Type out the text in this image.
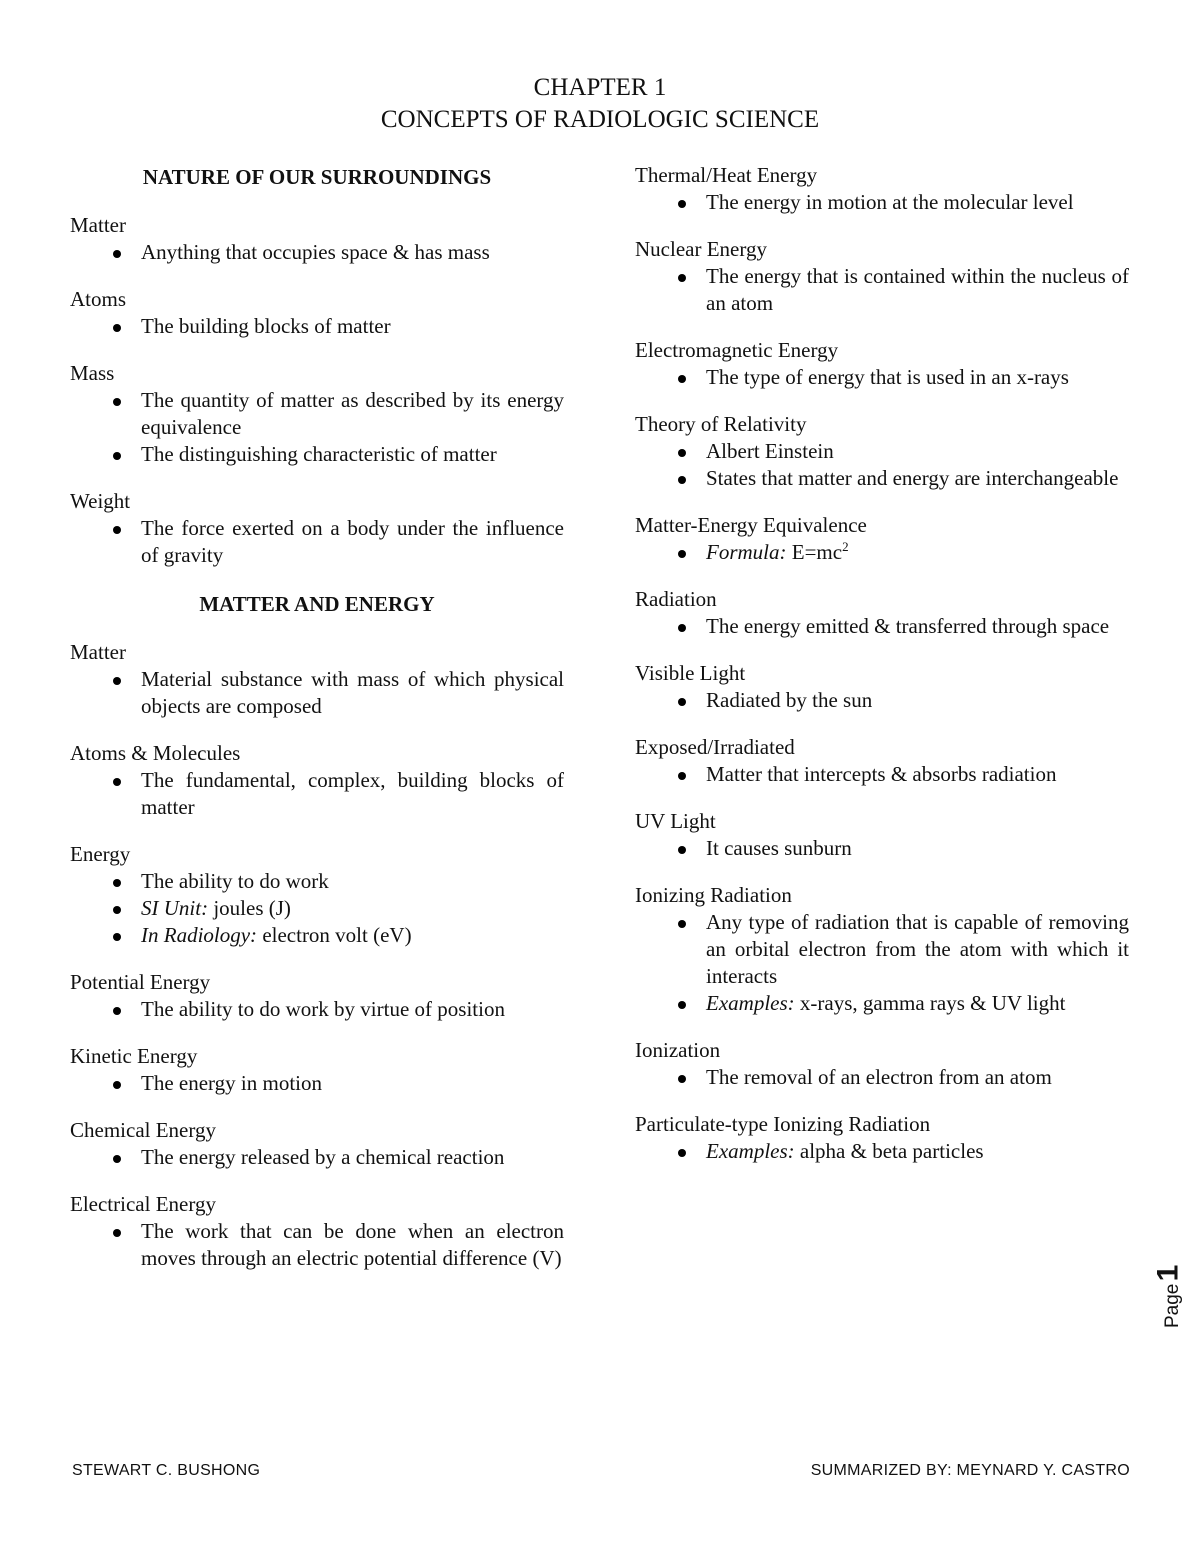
CHAPTER 1
CONCEPTS OF RADIOLOGIC SCIENCE
NATURE OF OUR SURROUNDINGS
Matter
Anything that occupies space & has mass
Atoms
The building blocks of matter
Mass
The quantity of matter as described by its energy equivalence
The distinguishing characteristic of matter
Weight
The force exerted on a body under the influence of gravity
MATTER AND ENERGY
Matter
Material substance with mass of which physical objects are composed
Atoms & Molecules
The fundamental, complex, building blocks of matter
Energy
The ability to do work
SI Unit: joules (J)
In Radiology: electron volt (eV)
Potential Energy
The ability to do work by virtue of position
Kinetic Energy
The energy in motion
Chemical Energy
The energy released by a chemical reaction
Electrical Energy
The work that can be done when an electron moves through an electric potential difference (V)
Thermal/Heat Energy
The energy in motion at the molecular level
Nuclear Energy
The energy that is contained within the nucleus of an atom
Electromagnetic Energy
The type of energy that is used in an x-rays
Theory of Relativity
Albert Einstein
States that matter and energy are interchangeable
Matter-Energy Equivalence
Formula: $E=mc^2$
Radiation
The energy emitted & transferred through space
Visible Light
Radiated by the sun
Exposed/Irradiated
Matter that intercepts & absorbs radiation
UV Light
It causes sunburn
Ionizing Radiation
Any type of radiation that is capable of removing an orbital electron from the atom with which it interacts
Examples: x-rays, gamma rays & UV light
Ionization
The removal of an electron from an atom
Particulate-type Ionizing Radiation
Examples: alpha & beta particles
1
Page
STEWART C. BUSHONG	SUMMARIZED BY: MEYNARD Y. CASTRO
